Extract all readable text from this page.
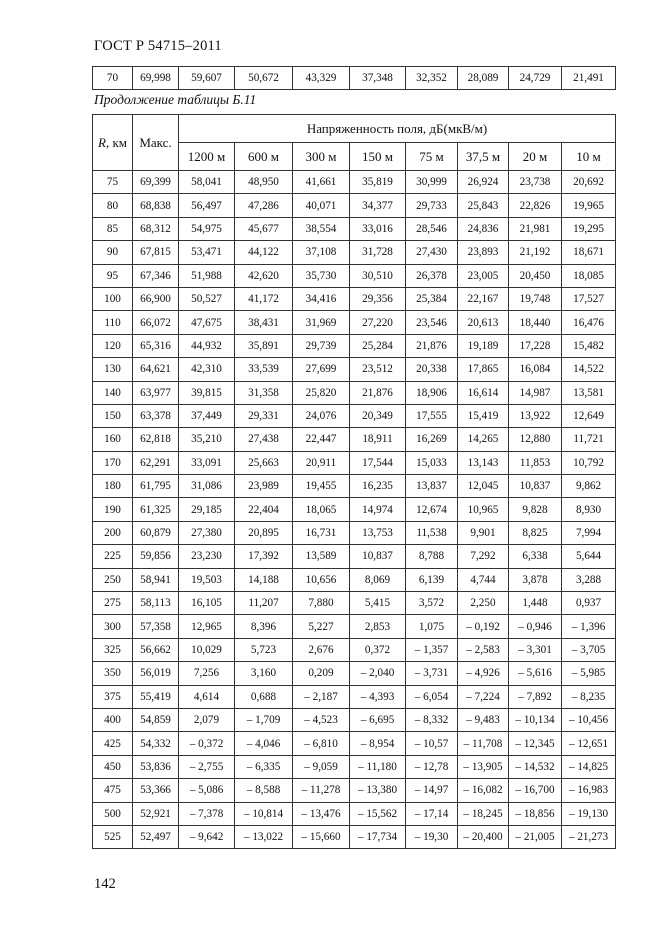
ГОСТ Р 54715–2011
70	69,998	59,607	50,672	43,329	37,348	32,352	28,089	24,729	21,491
Продолжение таблицы Б.11
R, км	Макс.	Напряженность поля, дБ(мкВ/м)							
		1200 м	600 м	300 м	150 м	75 м	37,5 м	20 м	10 м
75	69,399	58,041	48,950	41,661	35,819	30,999	26,924	23,738	20,692
80	68,838	56,497	47,286	40,071	34,377	29,733	25,843	22,826	19,965
85	68,312	54,975	45,677	38,554	33,016	28,546	24,836	21,981	19,295
90	67,815	53,471	44,122	37,108	31,728	27,430	23,893	21,192	18,671
95	67,346	51,988	42,620	35,730	30,510	26,378	23,005	20,450	18,085
100	66,900	50,527	41,172	34,416	29,356	25,384	22,167	19,748	17,527
110	66,072	47,675	38,431	31,969	27,220	23,546	20,613	18,440	16,476
120	65,316	44,932	35,891	29,739	25,284	21,876	19,189	17,228	15,482
130	64,621	42,310	33,539	27,699	23,512	20,338	17,865	16,084	14,522
140	63,977	39,815	31,358	25,820	21,876	18,906	16,614	14,987	13,581
150	63,378	37,449	29,331	24,076	20,349	17,555	15,419	13,922	12,649
160	62,818	35,210	27,438	22,447	18,911	16,269	14,265	12,880	11,721
170	62,291	33,091	25,663	20,911	17,544	15,033	13,143	11,853	10,792
180	61,795	31,086	23,989	19,455	16,235	13,837	12,045	10,837	9,862
190	61,325	29,185	22,404	18,065	14,974	12,674	10,965	9,828	8,930
200	60,879	27,380	20,895	16,731	13,753	11,538	9,901	8,825	7,994
225	59,856	23,230	17,392	13,589	10,837	8,788	7,292	6,338	5,644
250	58,941	19,503	14,188	10,656	8,069	6,139	4,744	3,878	3,288
275	58,113	16,105	11,207	7,880	5,415	3,572	2,250	1,448	0,937
300	57,358	12,965	8,396	5,227	2,853	1,075	– 0,192	– 0,946	– 1,396
325	56,662	10,029	5,723	2,676	0,372	– 1,357	– 2,583	– 3,301	– 3,705
350	56,019	7,256	3,160	0,209	– 2,040	– 3,731	– 4,926	– 5,616	– 5,985
375	55,419	4,614	0,688	– 2,187	– 4,393	– 6,054	– 7,224	– 7,892	– 8,235
400	54,859	2,079	– 1,709	– 4,523	– 6,695	– 8,332	– 9,483	– 10,134	– 10,456
425	54,332	– 0,372	– 4,046	– 6,810	– 8,954	– 10,57	– 11,708	– 12,345	– 12,651
450	53,836	– 2,755	– 6,335	– 9,059	– 11,180	– 12,78	– 13,905	– 14,532	– 14,825
475	53,366	– 5,086	– 8,588	– 11,278	– 13,380	– 14,97	– 16,082	– 16,700	– 16,983
500	52,921	– 7,378	– 10,814	– 13,476	– 15,562	– 17,14	– 18,245	– 18,856	– 19,130
525	52,497	– 9,642	– 13,022	– 15,660	– 17,734	– 19,30	– 20,400	– 21,005	– 21,273
142
